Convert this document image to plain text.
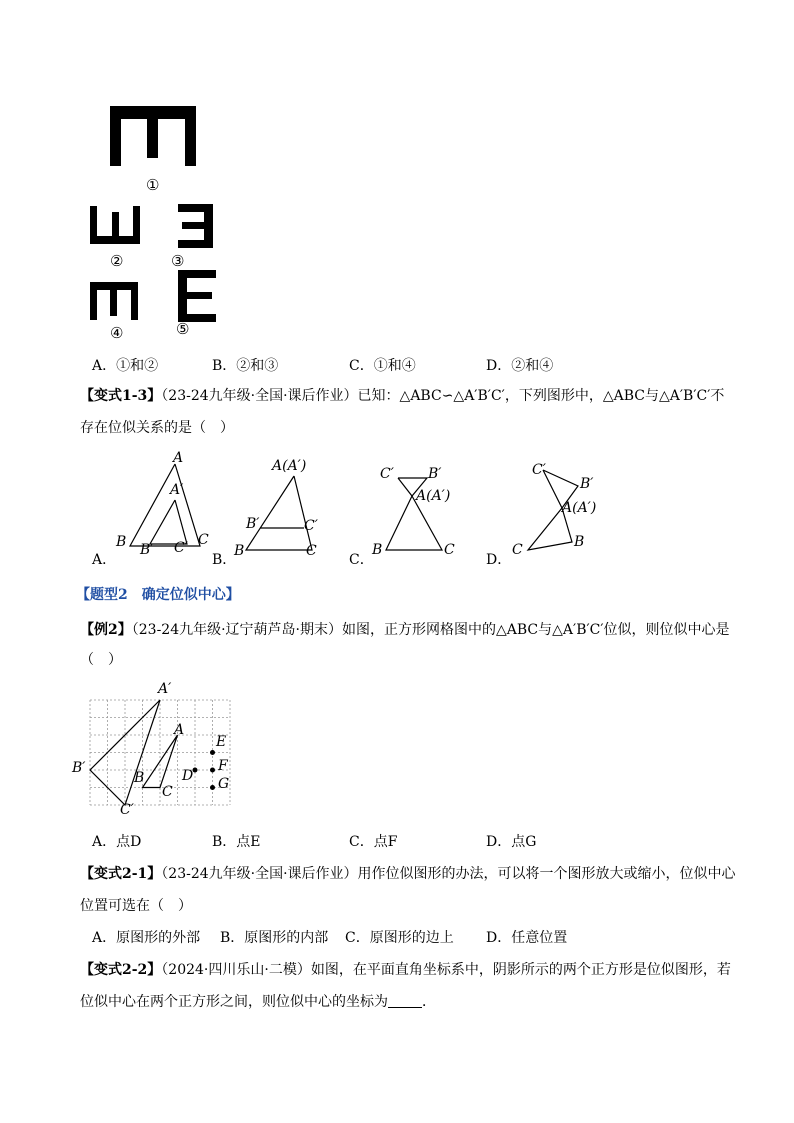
①
②	③
④	⑤
A．①和②	B．②和③	C．①和④	D．②和④
【变式1-3】（23-24九年级·全国·课后作业）已知：△ABC∽△A′B′C′，下列图形中，△ABC与△A′B′C′不
存在位似关系的是（　）
A
A′
B B′ C′ C
A(A′)
B′	C′
B	C
C′ B′
A(A′)
B	C
C′
B′
A(A′)
C	B
A．	B．	C．	D．
【题型2　确定位似中心】
【例2】（23-24九年级·辽宁葫芦岛·期末）如图，正方形网格图中的△ABC与△A′B′C′位似，则位似中心是
（　）
A′
B′
C′
A
B
C
D
E
F
G
A．点D	B．点E	C．点F	D．点G
【变式2-1】（23-24九年级·全国·课后作业）用作位似图形的办法，可以将一个图形放大或缩小，位似中心
位置可选在（　）
A．原图形的外部 B．原图形的内部 C．原图形的边上 D．任意位置
【变式2-2】（2024·四川乐山·二模）如图，在平面直角坐标系中，阴影所示的两个正方形是位似图形，若
位似中心在两个正方形之间，则位似中心的坐标为 ．
